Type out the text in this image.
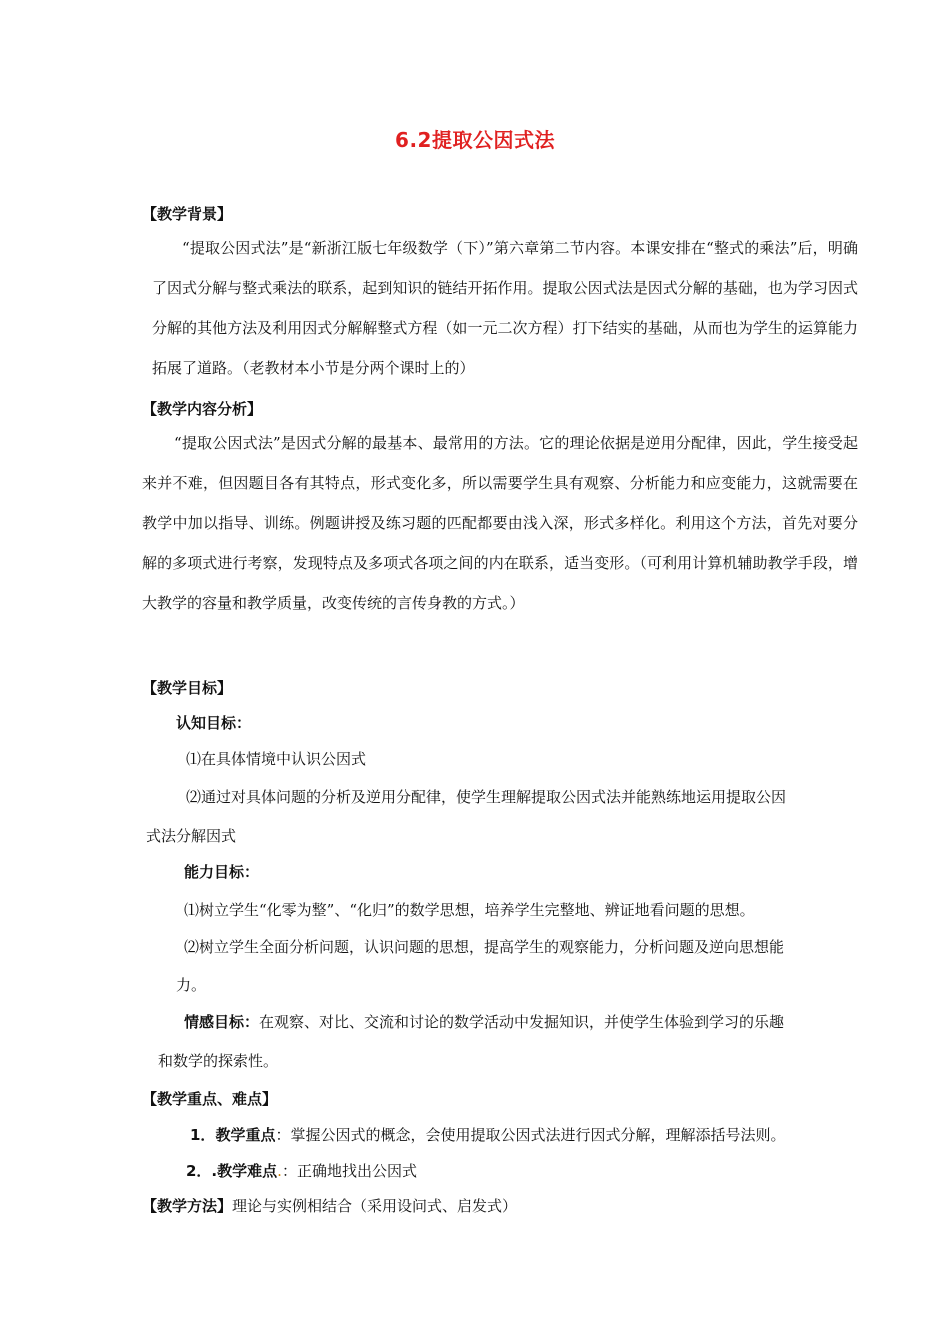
6.2提取公因式法
【教学背景】
“提取公因式法”是“新浙江版七年级数学（下）”第六章第二节内容。本课安排在“整式的乘法”后，明确了因式分解与整式乘法的联系，起到知识的链结开拓作用。提取公因式法是因式分解的基础，也为学习因式分解的其他方法及利用因式分解解整式方程（如一元二次方程）打下结实的基础，从而也为学生的运算能力拓展了道路。（老教材本小节是分两个课时上的）
【教学内容分析】
“提取公因式法”是因式分解的最基本、最常用的方法。它的理论依据是逆用分配律，因此，学生接受起来并不难，但因题目各有其特点，形式变化多，所以需要学生具有观察、分析能力和应变能力，这就需要在教学中加以指导、训练。例题讲授及练习题的匹配都要由浅入深，形式多样化。利用这个方法，首先对要分解的多项式进行考察，发现特点及多项式各项之间的内在联系，适当变形。（可利用计算机辅助教学手段，增大教学的容量和教学质量，改变传统的言传身教的方式。）
【教学目标】
认知目标：
⑴在具体情境中认识公因式
⑵通过对具体问题的分析及逆用分配律，使学生理解提取公因式法并能熟练地运用提取公因
式法分解因式
能力目标：
⑴树立学生“化零为整”、“化归”的数学思想，培养学生完整地、辨证地看问题的思想。
⑵树立学生全面分析问题，认识问题的思想，提高学生的观察能力，分析问题及逆向思想能
力。
情感目标：在观察、对比、交流和讨论的数学活动中发掘知识，并使学生体验到学习的乐趣
和数学的探索性。
【教学重点、难点】
1．教学重点：掌握公因式的概念，会使用提取公因式法进行因式分解，理解添括号法则。
2．.教学难点.：正确地找出公因式
【教学方法】理论与实例相结合（采用设问式、启发式）
